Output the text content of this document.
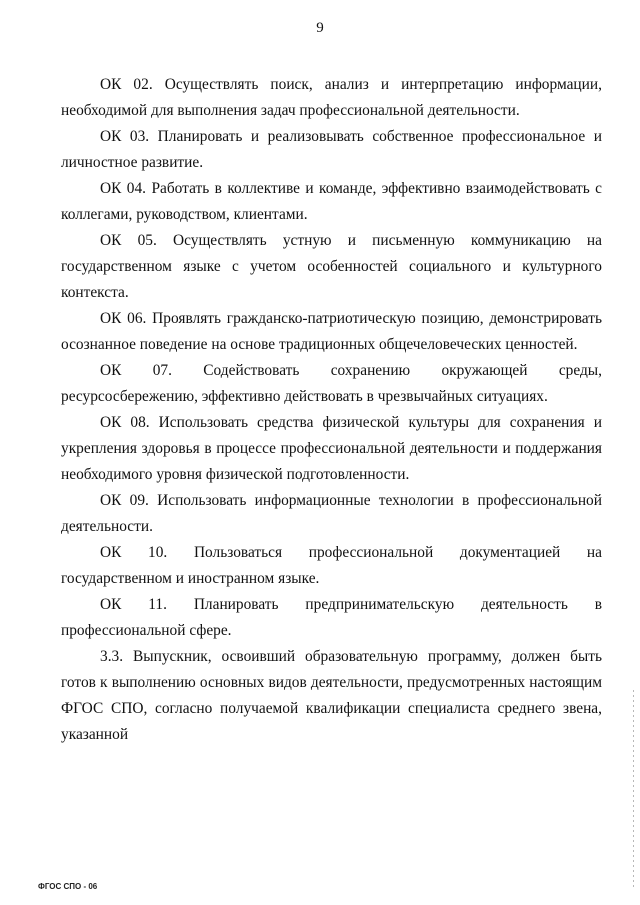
9

ОК 02. Осуществлять поиск, анализ и интерпретацию информации, необходимой для выполнения задач профессиональной деятельности.

ОК 03. Планировать и реализовывать собственное профессиональное и личностное развитие.

ОК 04. Работать в коллективе и команде, эффективно взаимодействовать с коллегами, руководством, клиентами.

ОК 05. Осуществлять устную и письменную коммуникацию на государственном языке с учетом особенностей социального и культурного контекста.

ОК 06. Проявлять гражданско-патриотическую позицию, демонстрировать осознанное поведение на основе традиционных общечеловеческих ценностей.

ОК 07. Содействовать сохранению окружающей среды, ресурсосбережению, эффективно действовать в чрезвычайных ситуациях.

ОК 08. Использовать средства физической культуры для сохранения и укрепления здоровья в процессе профессиональной деятельности и поддержания необходимого уровня физической подготовленности.

ОК 09. Использовать информационные технологии в профессиональной деятельности.

ОК 10. Пользоваться профессиональной документацией на государственном и иностранном языке.

ОК 11. Планировать предпринимательскую деятельность в профессиональной сфере.

3.3. Выпускник, освоивший образовательную программу, должен быть готов к выполнению основных видов деятельности, предусмотренных настоящим ФГОС СПО, согласно получаемой квалификации специалиста среднего звена, указанной

ФГОС СПО - 06
